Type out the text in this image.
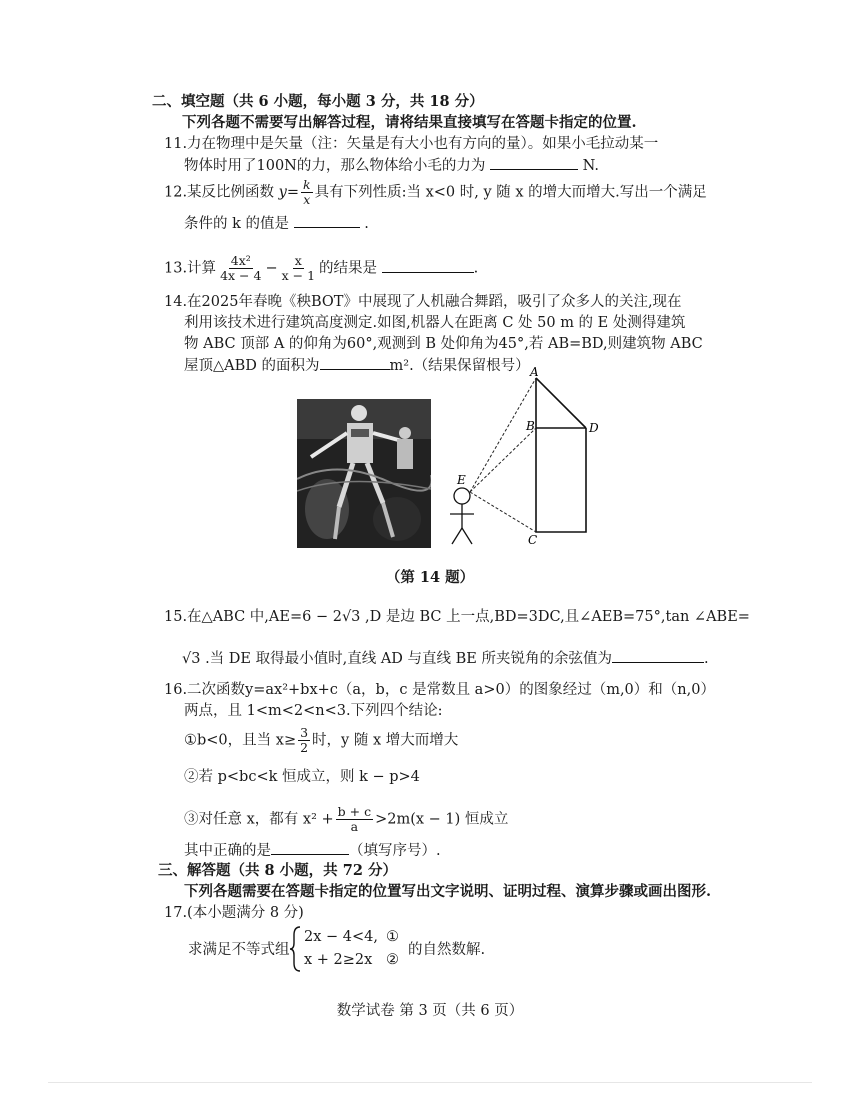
二、填空题（共 6 小题，每小题 3 分，共 18 分）
下列各题不需要写出解答过程，请将结果直接填写在答题卡指定的位置.
11.力在物理中是矢量（注：矢量是有大小也有方向的量）。如果小毛拉动某一
物体时用了100N的力，那么物体给小毛的力为	N.
12.某反比例函数 $y= \frac{k}{x}$ 具有下列性质:当 x<0 时, y 随 x 的增大而增大.写出一个满足
条件的 k 的值是	.
13.计算 $\frac{\text{4x²}}{4x - 4} - \frac{x}{x - 1}$ 的结果是	.
14.在2025年春晚《秧BOT》中展现了人机融合舞蹈，吸引了众多人的关注,现在
利用该技术进行建筑高度测定.如图,机器人在距离 C 处 50 m 的 E 处测得建筑
物 ABC 顶部 A 的仰角为60°,观测到 B 处仰角为45°,若 AB=BD,则建筑物 ABC
屋顶△ABD 的面积为	m².（结果保留根号） A
B	D
C
E
（第 14 题）
15.在△ABC 中,AE=6 − 2√3 ,D 是边 BC 上一点,BD=3DC,且∠AEB=75°,tan ∠ABE=
√3 .当 DE 取得最小值时,直线 AD 与直线 BE 所夹锐角的余弦值为	.
16.二次函数y=ax²+bx+c（a，b，c 是常数且 a>0）的图象经过（m,0）和（n,0）
两点，且 1<m<2<n<3.下列四个结论:
①b<0，且当 $x\ge \frac{3}{2}$ 时，y 随 x 增大而增大
②若 p<bc<k 恒成立，则 k − p>4
③对任意 x，都有 $x^2 + \frac{b + c}{a} >2m(x - 1)$ 恒成立
其中正确的是	（填写序号）.
三、解答题（共 8 小题，共 72 分）
下列各题需要在答题卡指定的位置写出文字说明、证明过程、演算步骤或画出图形.
17.(本小题满分 8 分)
求满足不等式组
2x − 4<4, ①
x + 2≥2x ②
的自然数解.
数学试卷 第 3 页（共 6 页）
